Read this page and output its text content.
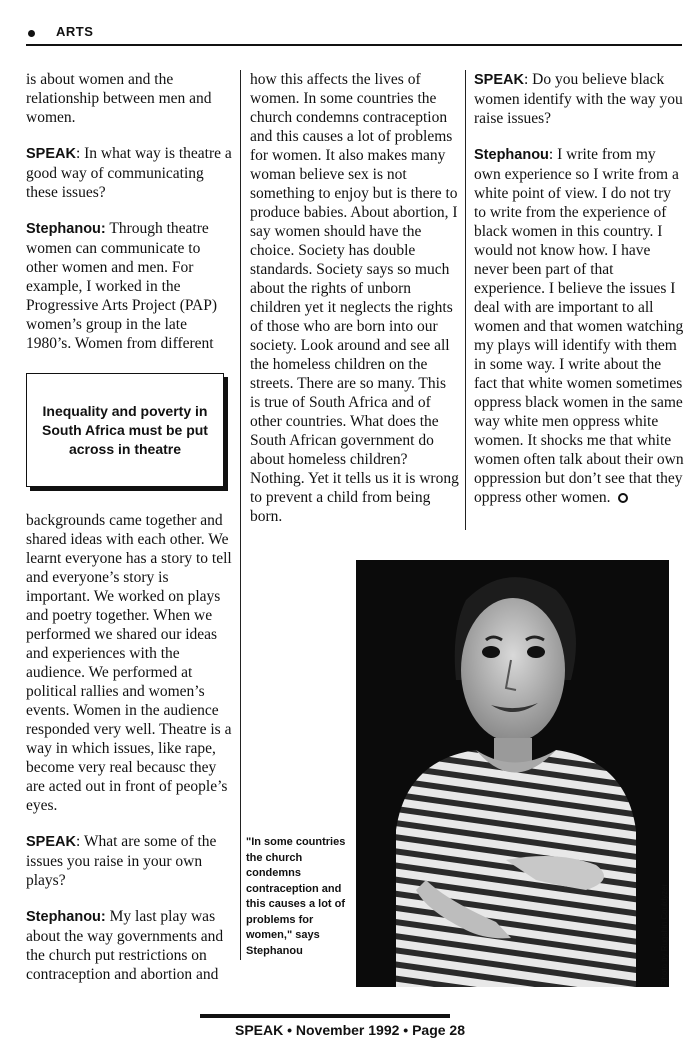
ARTS

is about women and the relationship between men and women.

SPEAK: In what way is theatre a good way of communicating these issues?

Stephanou: Through theatre women can communicate to other women and men. For example, I worked in the Progressive Arts Project (PAP) women’s group in the late 1980’s. Women from different

Inequality and poverty in South Africa must be put across in theatre

backgrounds came together and shared ideas with each other. We learnt everyone has a story to tell and everyone’s story is important. We worked on plays and poetry together. When we performed we shared our ideas and experiences with the audience. We performed at political rallies and women’s events. Women in the audience responded very well. Theatre is a way in which issues, like rape, become very real becausc they are acted out in front of people’s eyes.

SPEAK: What are some of the issues you raise in your own plays?

Stephanou: My last play was about the way governments and the church put restrictions on contraception and abortion and

how this affects the lives of women. In some countries the church condemns contraception and this causes a lot of problems for women. It also makes many woman believe sex is not something to enjoy but is there to produce babies. About abortion, I say women should have the choice. Society has double standards. Society says so much about the rights of unborn children yet it neglects the rights of those who are born into our society. Look around and see all the homeless children on the streets. There are so many. This is true of South Africa and of other countries. What does the South African government do about homeless children? Nothing. Yet it tells us it is wrong to prevent a child from being born.

SPEAK: Do you believe black women identify with the way you raise issues?

Stephanou: I write from my own experience so I write from a white point of view. I do not try to write from the experience of black women in this country. I would not know how. I have never been part of that experience. I believe the issues I deal with are important to all women and that women watching my plays will identify with them in some way. I write about the fact that white women sometimes oppress black women in the same way white men oppress white women. It shocks me that white women often talk about their own oppression but don’t see that they oppress other women.

"In some countries the church condemns contraception and this causes a lot of problems for women," says Stephanou	Photo by Rugshin Couldyzer
SPEAK • November 1992 • Page 28
